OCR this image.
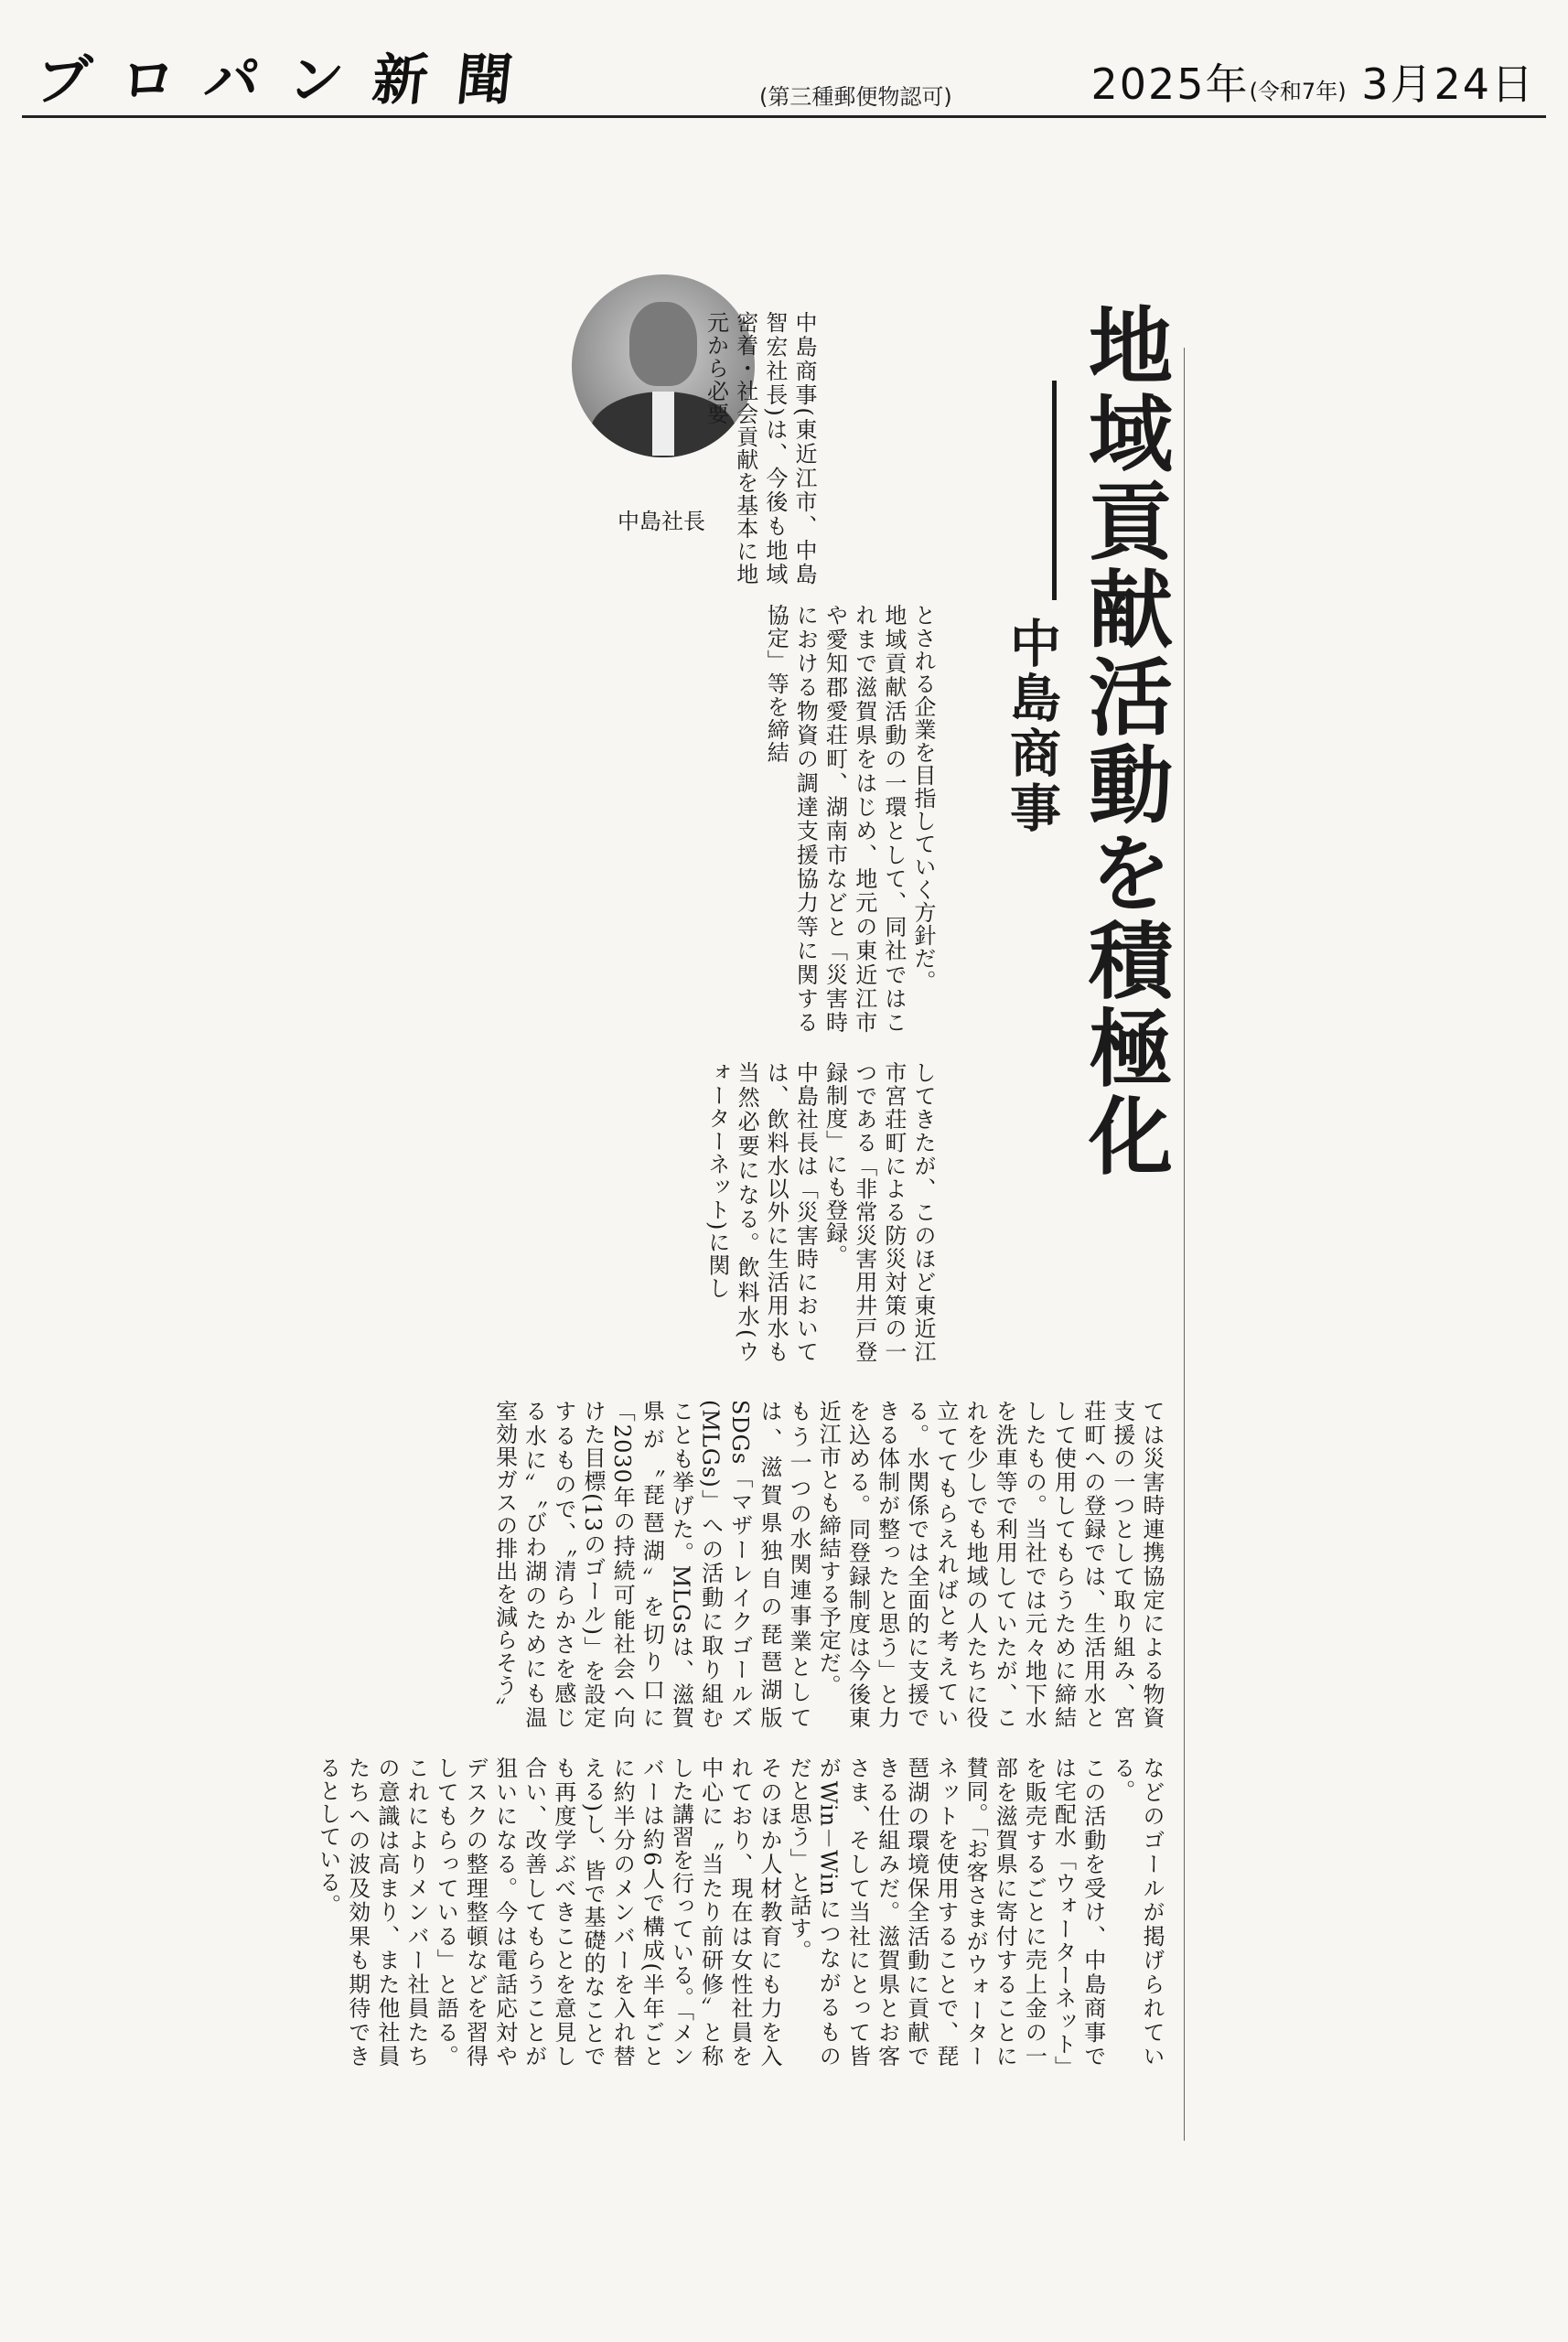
ブロパン新聞	(第三種郵便物認可)	2025年(令和7年) 3月24日
地域貢献活動を積極化
中島商事
中島社長	中島商事(東近江市、中島智宏社長)は、今後も地域密着・社会貢献を基本に地元から必要
とされる企業を目指していく方針だ。
地域貢献活動の一環として、同社ではこれまで滋賀県をはじめ、地元の東近江市や愛知郡愛荘町、湖南市などと「災害時における物資の調達支援協力等に関する協定」等を締結
してきたが、このほど東近江市宮荘町による防災対策の一つである「非常災害用井戸登録制度」にも登録。
中島社長は「災害時においては、飲料水以外に生活用水も当然必要になる。飲料水(ウォーターネット)に関し
ては災害時連携協定による物資支援の一つとして取り組み、宮荘町への登録では、生活用水として使用してもらうために締結したもの。当社では元々地下水を洗車等で利用していたが、これを少しでも地域の人たちに役立ててもらえればと考えている。水関係では全面的に支援できる体制が整ったと思う」と力を込める。同登録制度は今後東近江市とも締結する予定だ。
もう一つの水関連事業としては、滋賀県独自の琵琶湖版SDGs「マザーレイクゴールズ(MLGs)」への活動に取り組むことも挙げた。MLGsは、滋賀県が〝琵琶湖〟を切り口に「2030年の持続可能社会へ向けた目標(13のゴール)」を設定するもので、〝清らかさを感じる水に〟〝びわ湖のためにも温室効果ガスの排出を減らそう〟
などのゴールが掲げられている。
この活動を受け、中島商事では宅配水「ウォーターネット」を販売するごとに売上金の一部を滋賀県に寄付することに賛同。「お客さまがウォーターネットを使用することで、琵琶湖の環境保全活動に貢献できる仕組みだ。滋賀県とお客さま、そして当社にとって皆がWin－Winにつながるものだと思う」と話す。
そのほか人材教育にも力を入れており、現在は女性社員を中心に〝当たり前研修〟と称した講習を行っている。「メンバーは約6人で構成(半年ごとに約半分のメンバーを入れ替える)し、皆で基礎的なことでも再度学ぶべきことを意見し合い、改善してもらうことが狙いになる。今は電話応対やデスクの整理整頓などを習得してもらっている」と語る。これによりメンバー社員たちの意識は高まり、また他社員たちへの波及効果も期待できるとしている。
